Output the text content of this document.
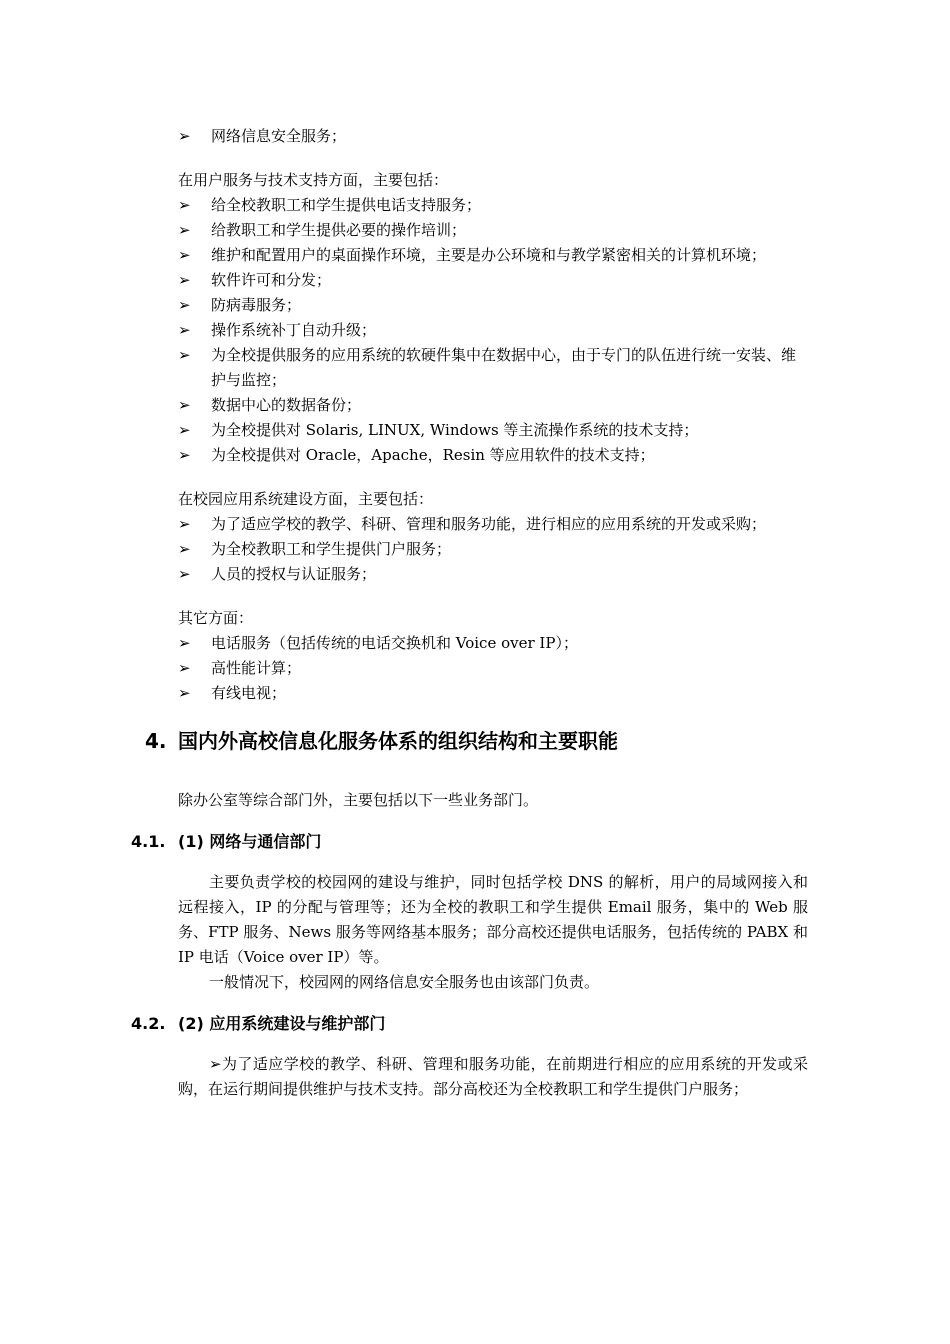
➢	网络信息安全服务；

在用户服务与技术支持方面，主要包括：

➢	给全校教职工和学生提供电话支持服务；
➢	给教职工和学生提供必要的操作培训；
➢	维护和配置用户的桌面操作环境，主要是办公环境和与教学紧密相关的计算机环境；
➢	软件许可和分发；
➢	防病毒服务；
➢	操作系统补丁自动升级；
➢	为全校提供服务的应用系统的软硬件集中在数据中心，由于专门的队伍进行统一安装、维护与监控；
➢	数据中心的数据备份；
➢	为全校提供对 Solaris, LINUX, Windows 等主流操作系统的技术支持；
➢	为全校提供对 Oracle，Apache，Resin 等应用软件的技术支持；

在校园应用系统建设方面，主要包括：

➢	为了适应学校的教学、科研、管理和服务功能，进行相应的应用系统的开发或采购；
➢	为全校教职工和学生提供门户服务；
➢	人员的授权与认证服务；

其它方面：

➢	电话服务（包括传统的电话交换机和 Voice over IP）；
➢	高性能计算；
➢	有线电视；
4. 国内外高校信息化服务体系的组织结构和主要职能

除办公室等综合部门外，主要包括以下一些业务部门。

4.1. (1) 网络与通信部门

主要负责学校的校园网的建设与维护，同时包括学校 DNS 的解析，用户的局域网接入和远程接入，IP 的分配与管理等；还为全校的教职工和学生提供 Email 服务，集中的 Web 服务、FTP 服务、News 服务等网络基本服务；部分高校还提供电话服务，包括传统的 PABX 和 IP 电话（Voice over IP）等。

一般情况下，校园网的网络信息安全服务也由该部门负责。

4.2. (2) 应用系统建设与维护部门

➢为了适应学校的教学、科研、管理和服务功能，在前期进行相应的应用系统的开发或采购，在运行期间提供维护与技术支持。部分高校还为全校教职工和学生提供门户服务；
